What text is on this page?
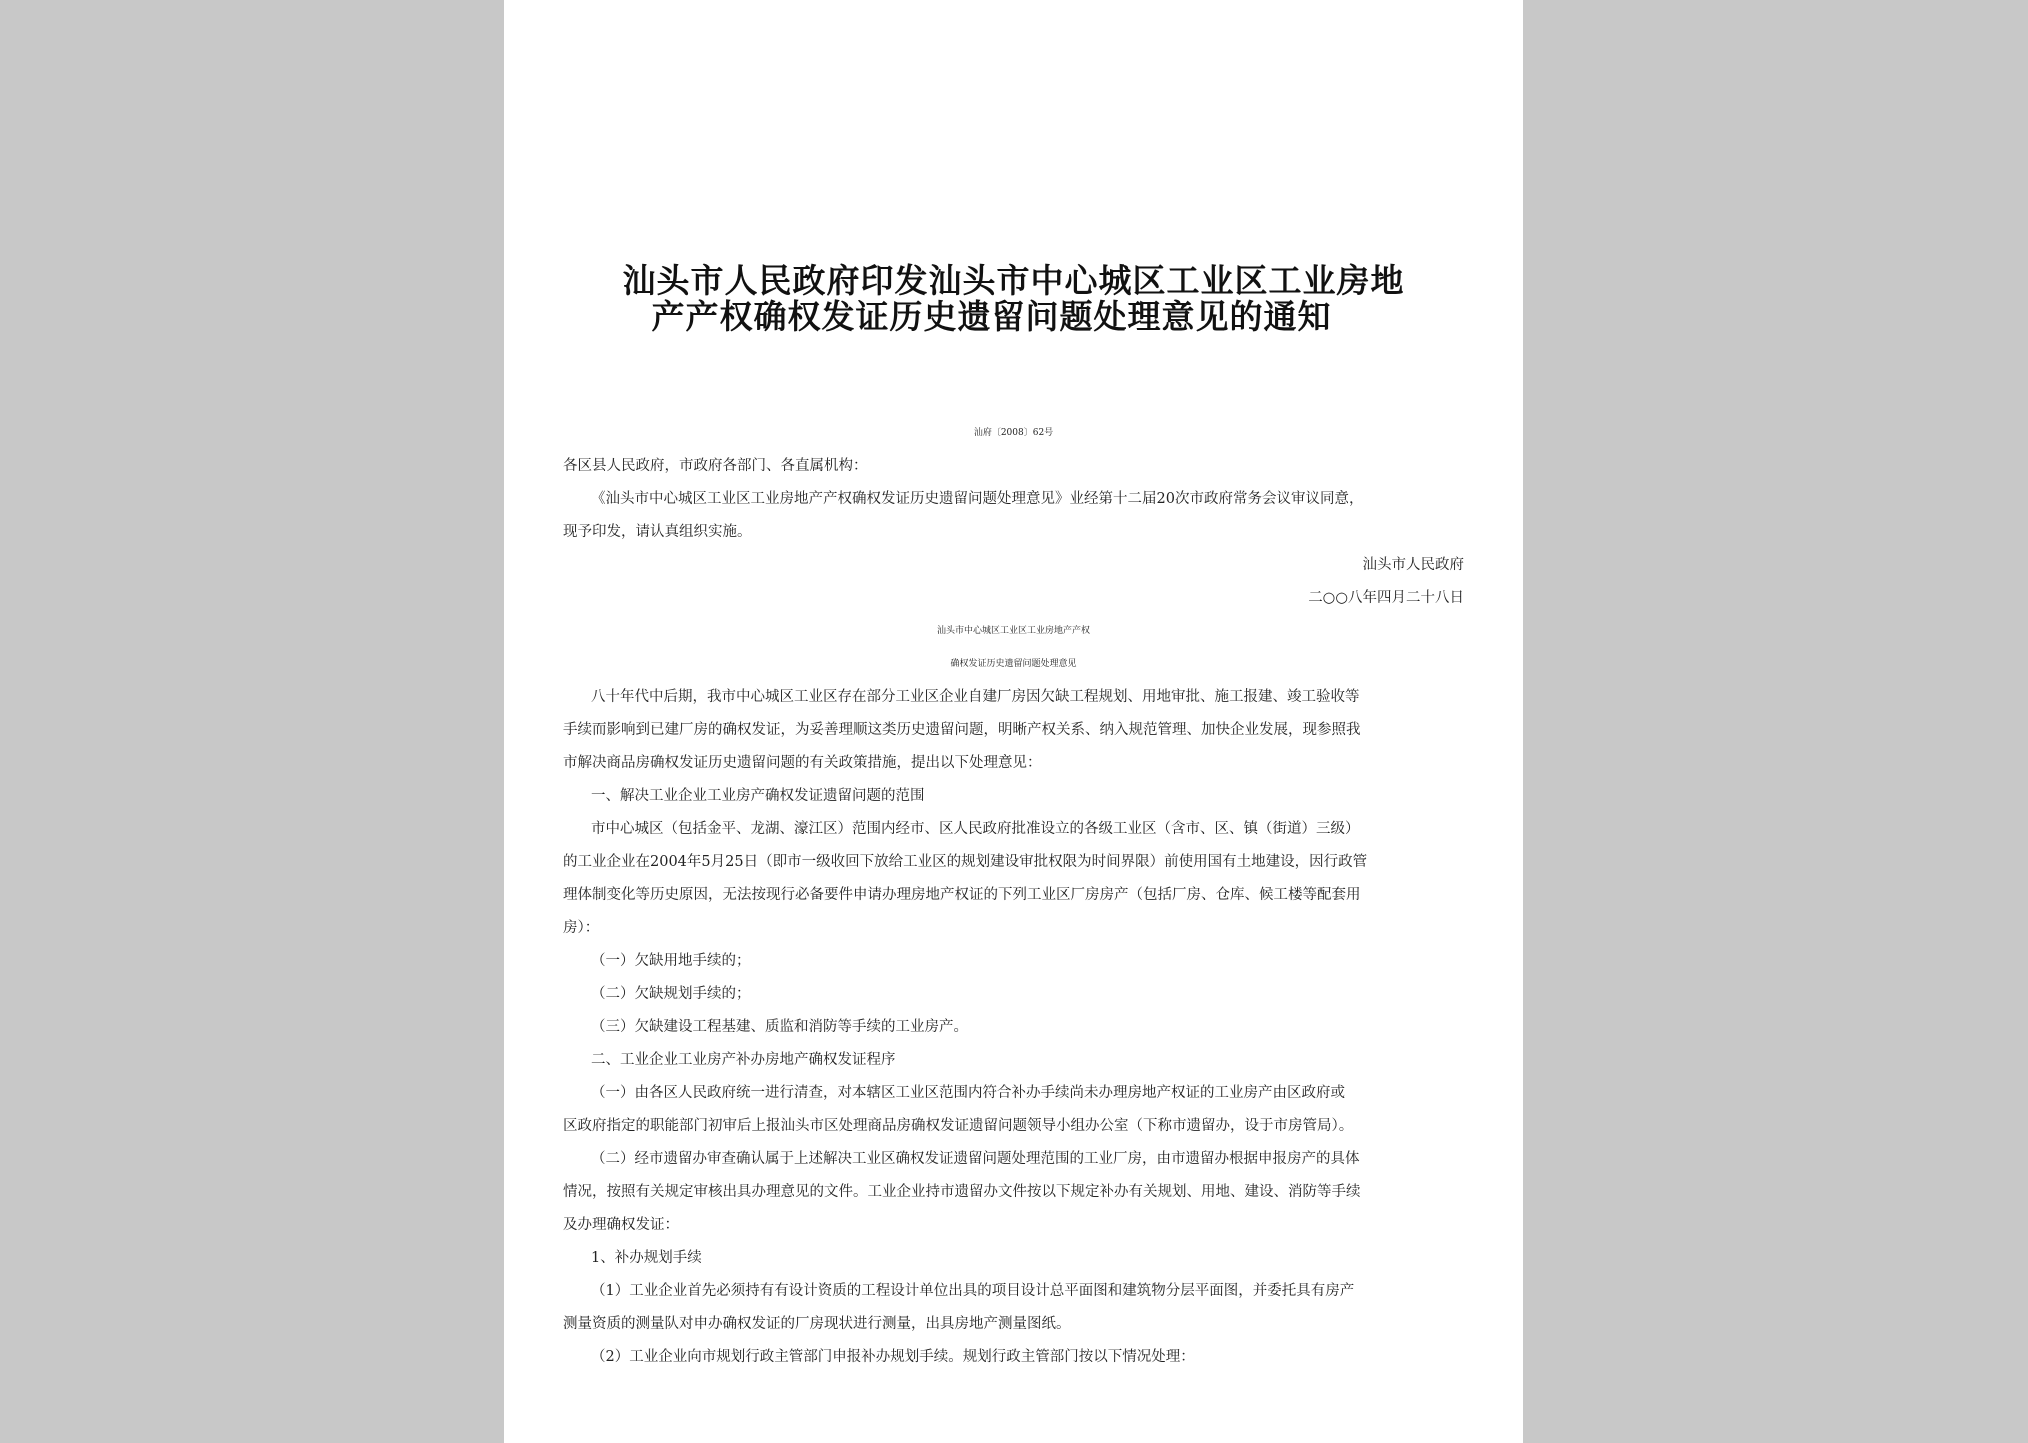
汕头市人民政府印发汕头市中心城区工业区工业房地
产产权确权发证历史遗留问题处理意见的通知
汕府〔2008〕62号
各区县人民政府，市政府各部门、各直属机构：
《汕头市中心城区工业区工业房地产产权确权发证历史遗留问题处理意见》业经第十二届20次市政府常务会议审议同意，
现予印发，请认真组织实施。
汕头市人民政府
二○○八年四月二十八日
汕头市中心城区工业区工业房地产产权
确权发证历史遗留问题处理意见
八十年代中后期，我市中心城区工业区存在部分工业区企业自建厂房因欠缺工程规划、用地审批、施工报建、竣工验收等
手续而影响到已建厂房的确权发证，为妥善理顺这类历史遗留问题，明晰产权关系、纳入规范管理、加快企业发展，现参照我
市解决商品房确权发证历史遗留问题的有关政策措施，提出以下处理意见：
一、解决工业企业工业房产确权发证遗留问题的范围
市中心城区（包括金平、龙湖、濠江区）范围内经市、区人民政府批准设立的各级工业区（含市、区、镇（街道）三级）
的工业企业在2004年5月25日（即市一级收回下放给工业区的规划建设审批权限为时间界限）前使用国有土地建设，因行政管
理体制变化等历史原因，无法按现行必备要件申请办理房地产权证的下列工业区厂房房产（包括厂房、仓库、候工楼等配套用
房）：
（一）欠缺用地手续的；
（二）欠缺规划手续的；
（三）欠缺建设工程基建、质监和消防等手续的工业房产。
二、工业企业工业房产补办房地产确权发证程序
（一）由各区人民政府统一进行清查，对本辖区工业区范围内符合补办手续尚未办理房地产权证的工业房产由区政府或
区政府指定的职能部门初审后上报汕头市区处理商品房确权发证遗留问题领导小组办公室（下称市遗留办，设于市房管局）。
（二）经市遗留办审查确认属于上述解决工业区确权发证遗留问题处理范围的工业厂房，由市遗留办根据申报房产的具体
情况，按照有关规定审核出具办理意见的文件。工业企业持市遗留办文件按以下规定补办有关规划、用地、建设、消防等手续
及办理确权发证：
1、补办规划手续
（1）工业企业首先必须持有有设计资质的工程设计单位出具的项目设计总平面图和建筑物分层平面图，并委托具有房产
测量资质的测量队对申办确权发证的厂房现状进行测量，出具房地产测量图纸。
（2）工业企业向市规划行政主管部门申报补办规划手续。规划行政主管部门按以下情况处理：
